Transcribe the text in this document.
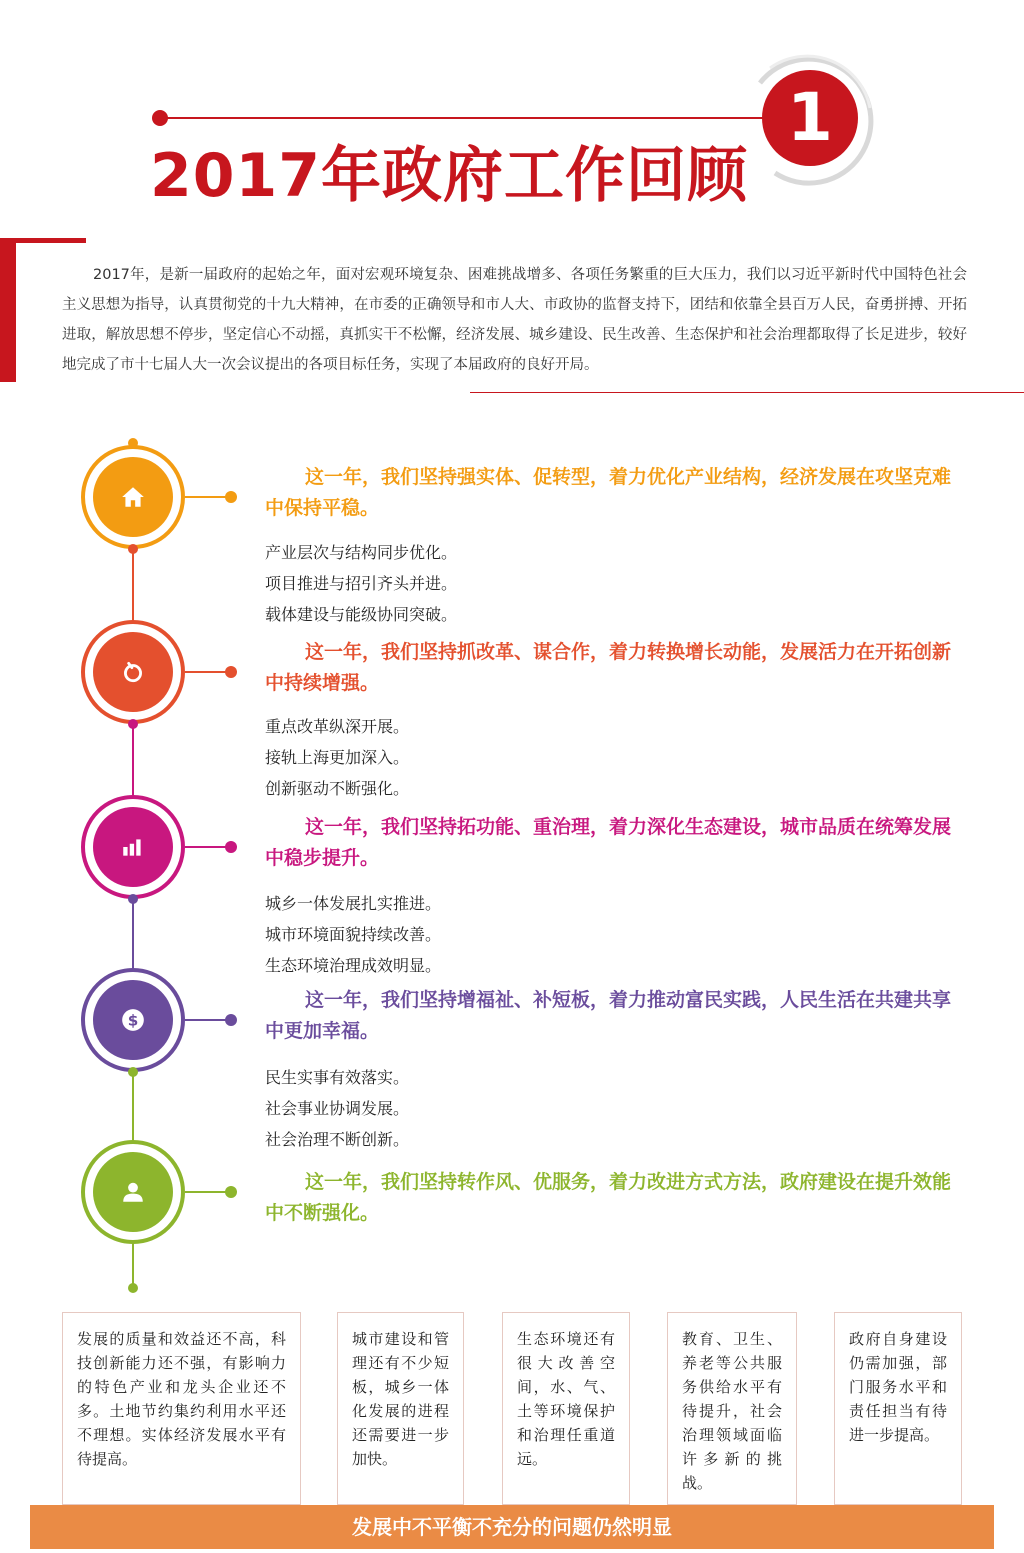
2017年政府工作回顾
1
2017年，是新一届政府的起始之年，面对宏观环境复杂、困难挑战增多、各项任务繁重的巨大压力，我们以习近平新时代中国特色社会主义思想为指导，认真贯彻党的十九大精神，在市委的正确领导和市人大、市政协的监督支持下，团结和依靠全县百万人民，奋勇拼搏、开拓进取，解放思想不停步，坚定信心不动摇，真抓实干不松懈，经济发展、城乡建设、民生改善、生态保护和社会治理都取得了长足进步，较好地完成了市十七届人大一次会议提出的各项目标任务，实现了本届政府的良好开局。
这一年，我们坚持强实体、促转型，着力优化产业结构，经济发展在攻坚克难中保持平稳。
产业层次与结构同步优化。
项目推进与招引齐头并进。
载体建设与能级协同突破。
这一年，我们坚持抓改革、谋合作，着力转换增长动能，发展活力在开拓创新中持续增强。
重点改革纵深开展。
接轨上海更加深入。
创新驱动不断强化。
这一年，我们坚持拓功能、重治理，着力深化生态建设，城市品质在统筹发展中稳步提升。
城乡一体发展扎实推进。
城市环境面貌持续改善。
生态环境治理成效明显。
$
这一年，我们坚持增福祉、补短板，着力推动富民实践，人民生活在共建共享中更加幸福。
民生实事有效落实。
社会事业协调发展。
社会治理不断创新。
这一年，我们坚持转作风、优服务，着力改进方式方法，政府建设在提升效能中不断强化。
发展的质量和效益还不高，科技创新能力还不强，有影响力的特色产业和龙头企业还不多。土地节约集约利用水平还不理想。实体经济发展水平有待提高。
城市建设和管理还有不少短板，城乡一体化发展的进程还需要进一步加快。
生态环境还有很大改善空间，水、气、土等环境保护和治理任重道远。
教育、卫生、养老等公共服务供给水平有待提升，社会治理领域面临许多新的挑战。
政府自身建设仍需加强，部门服务水平和责任担当有待进一步提高。
发展中不平衡不充分的问题仍然明显
